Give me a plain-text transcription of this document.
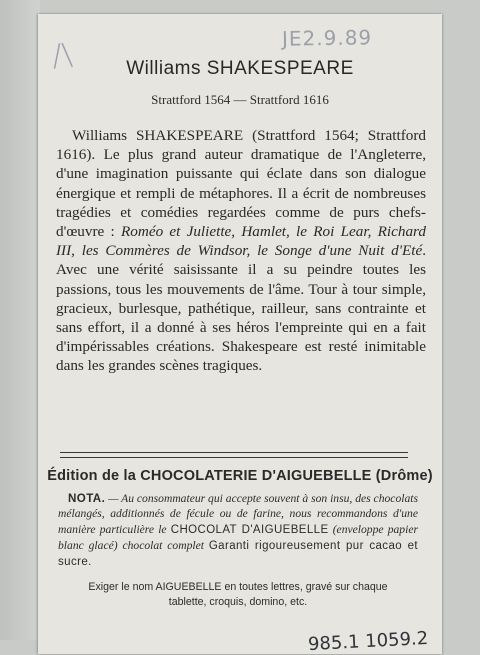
/\	JE2.9.89
Williams SHAKESPEARE
Strattford 1564 — Strattford 1616
Williams SHAKESPEARE (Strattford 1564; Strattford 1616). Le plus grand auteur dramatique de l'Angleterre, d'une imagination puissante qui éclate dans son dialogue énergique et rempli de métaphores. Il a écrit de nombreuses tragédies et comédies regardées comme de purs chefs-d'œuvre : Roméo et Juliette, Hamlet, le Roi Lear, Richard III, les Commères de Windsor, le Songe d'une Nuit d'Eté. Avec une vérité saisissante il a su peindre toutes les passions, tous les mouvements de l'âme. Tour à tour simple, gracieux, burlesque, pathétique, railleur, sans contrainte et sans effort, il a donné à ses héros l'empreinte qui en a fait d'impérissables créations. Shakespeare est resté inimitable dans les grandes scènes tragiques.
Édition de la CHOCOLATERIE D'AIGUEBELLE (Drôme)
NOTA. — Au consommateur qui accepte souvent à son insu, des chocolats mélangés, additionnés de fécule ou de farine, nous recommandons d'une manière particulière le CHOCOLAT D'AIGUEBELLE (enveloppe papier blanc glacé) chocolat complet Garanti rigoureusement pur cacao et sucre.
Exiger le nom AIGUEBELLE en toutes lettres, gravé sur chaque
tablette, croquis, domino, etc.
985.1 1059.2
